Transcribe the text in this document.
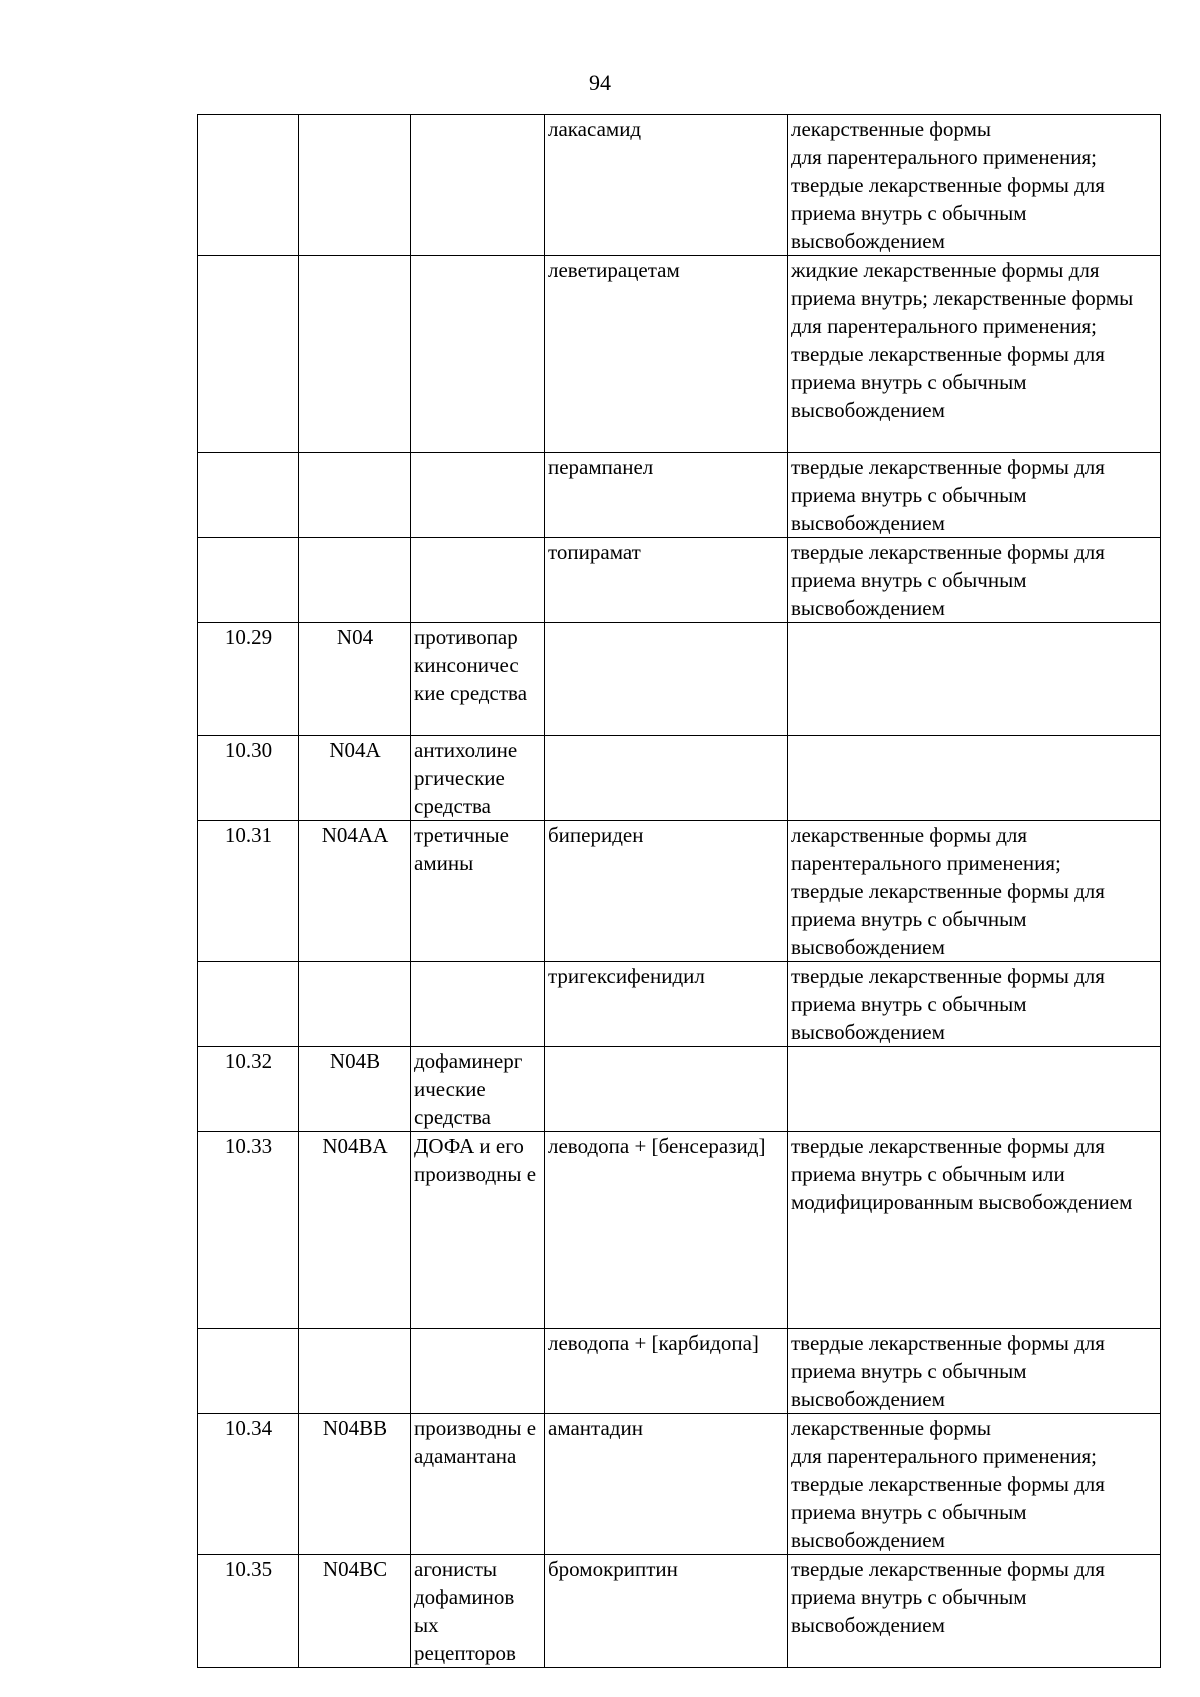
94
			лакасамид	лекарственные формы
для парентерального применения;
твердые лекарственные формы для приема внутрь с обычным высвобождением
			леветирацетам	жидкие лекарственные формы для приема внутрь; лекарственные формы
для парентерального применения;
твердые лекарственные формы для приема внутрь с обычным высвобождением
			перампанел	твердые лекарственные формы для приема внутрь с обычным высвобождением
			топирамат	твердые лекарственные формы для приема внутрь с обычным высвобождением
10.29	N04	противопар кинсоничес кие средства		
10.30	N04A	антихолине ргические средства		
10.31	N04AA	третичные амины	бипериден	лекарственные формы для парентерального применения;
твердые лекарственные формы для приема внутрь с обычным высвобождением
			тригексифенидил	твердые лекарственные формы для приема внутрь с обычным высвобождением
10.32	N04B	дофаминерг ические средства		
10.33	N04BA	ДОФА и его производны е	леводопа + [бенсеразид]	твердые лекарственные формы для приема внутрь с обычным или модифицированным высвобождением
			леводопа + [карбидопа]	твердые лекарственные формы для приема внутрь с обычным высвобождением
10.34	N04BB	производны е адамантана	амантадин	лекарственные формы
для парентерального применения;
твердые лекарственные формы для приема внутрь с обычным высвобождением
10.35	N04BC	агонисты дофаминов ых рецепторов	бромокриптин	твердые лекарственные формы для приема внутрь с обычным высвобождением
